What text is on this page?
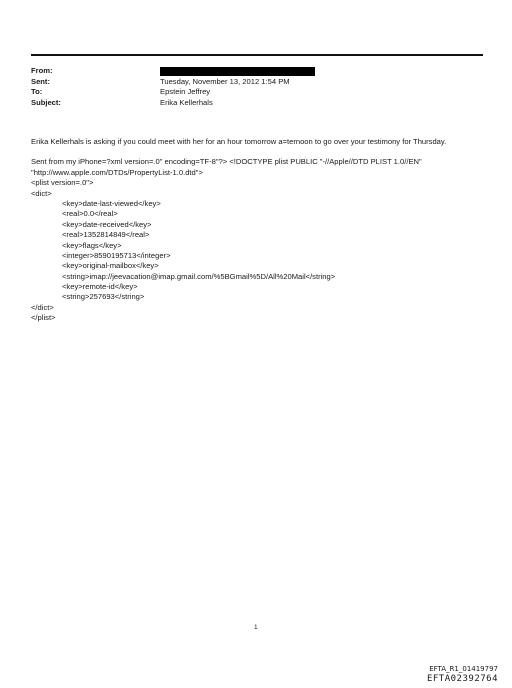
From:
Sent:	Tuesday, November 13, 2012 1:54 PM
To:	Epstein Jeffrey
Subject:	Erika Kellerhals

Erika Kellerhals is asking if you could meet with her for an hour tomorrow a=ternoon to go over your testimony for Thursday.

Sent from my iPhone=?xml version=.0" encoding=TF-8"?> <!DOCTYPE plist PUBLIC "-//Apple//DTD PLIST 1.0//EN"
"http://www.apple.com/DTDs/PropertyList-1.0.dtd">
<plist version=.0">
<dict>
<key>date-last-viewed</key>
<real>0.0</real>
<key>date-received</key>
<real>1352814849</real>
<key>flags</key>
<integer>8590195713</integer>
<key>original-mailbox</key>
<string>imap://jeevacation@imap.gmail.com/%5BGmail%5D/All%20Mail</string>
<key>remote-id</key>
<string>257693</string>
</dict>
</plist>
1
EFTA_R1_01419797
EFTA02392764
